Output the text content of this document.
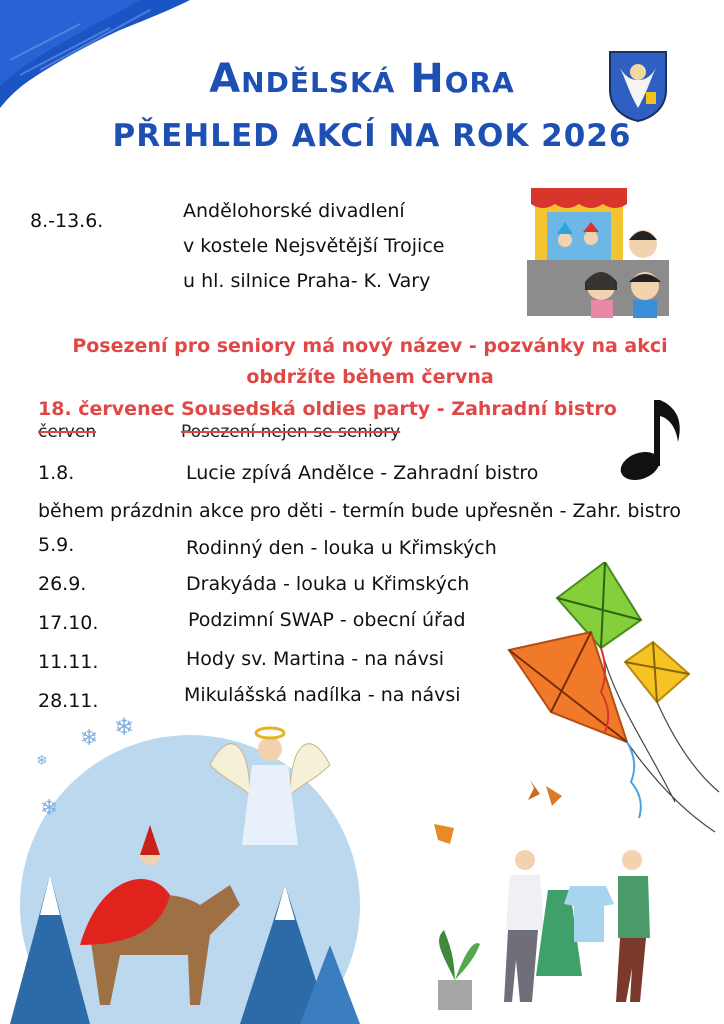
Andělská Hora
PŘEHLED AKCÍ NA ROK 2026
8.-13.6.	Andělohorské divadlení
v kostele Nejsvětější Trojice
u hl. silnice Praha- K. Vary
Posezení pro seniory má nový název - pozvánky na akci
obdržíte během června
18. červenec Sousedská oldies party - Zahradní bistro
červen	Posezení nejen se seniory
1.8.	Lucie zpívá Andělce - Zahradní bistro
během prázdnin akce pro děti - termín bude upřesněn - Zahr. bistro
5.9.	Rodinný den - louka u Křimských
26.9.	Drakyáda - louka u Křimských
17.10.	Podzimní SWAP - obecní úřad
11.11.	Hody sv. Martina - na návsi
28.11.	Mikulášská nadílka - na návsi
❄
❄ ❄
❄
